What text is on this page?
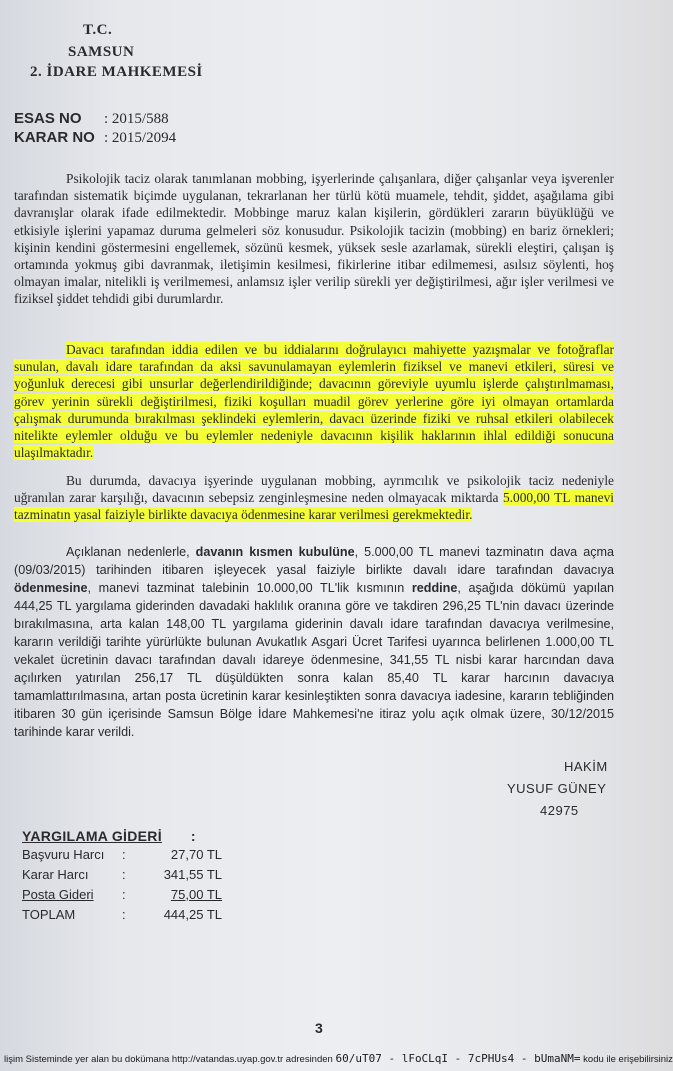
T.C.
SAMSUN
2. İDARE MAHKEMESİ
ESAS NO : 2015/588
KARAR NO : 2015/2094

Psikolojik taciz olarak tanımlanan mobbing, işyerlerinde çalışanlara, diğer çalışanlar veya işverenler tarafından sistematik biçimde uygulanan, tekrarlanan her türlü kötü muamele, tehdit, şiddet, aşağılama gibi davranışlar olarak ifade edilmektedir. Mobbinge maruz kalan kişilerin, gördükleri zararın büyüklüğü ve etkisiyle işlerini yapamaz duruma gelmeleri söz konusudur. Psikolojik tacizin (mobbing) en bariz örnekleri; kişinin kendini göstermesini engellemek, sözünü kesmek, yüksek sesle azarlamak, sürekli eleştiri, çalışan iş ortamında yokmuş gibi davranmak, iletişimin kesilmesi, fikirlerine itibar edilmemesi, asılsız söylenti, hoş olmayan imalar, nitelikli iş verilmemesi, anlamsız işler verilip sürekli yer değiştirilmesi, ağır işler verilmesi ve fiziksel şiddet tehdidi gibi durumlardır.

Davacı tarafından iddia edilen ve bu iddialarını doğrulayıcı mahiyette yazışmalar ve fotoğraflar sunulan, davalı idare tarafından da aksi savunulamayan eylemlerin fiziksel ve manevi etkileri, süresi ve yoğunluk derecesi gibi unsurlar değerlendirildiğinde; davacının göreviyle uyumlu işlerde çalıştırılmaması, görev yerinin sürekli değiştirilmesi, fiziki koşulları muadil görev yerlerine göre iyi olmayan ortamlarda çalışmak durumunda bırakılması şeklindeki eylemlerin, davacı üzerinde fiziki ve ruhsal etkileri olabilecek nitelikte eylemler olduğu ve bu eylemler nedeniyle davacının kişilik haklarının ihlal edildiği sonucuna ulaşılmaktadır.

Bu durumda, davacıya işyerinde uygulanan mobbing, ayrımcılık ve psikolojik taciz nedeniyle uğranılan zarar karşılığı, davacının sebepsiz zenginleşmesine neden olmayacak miktarda 5.000,00 TL manevi tazminatın yasal faiziyle birlikte davacıya ödenmesine karar verilmesi gerekmektedir.

Açıklanan nedenlerle, davanın kısmen kubulüne, 5.000,00 TL manevi tazminatın dava açma (09/03/2015) tarihinden itibaren işleyecek yasal faiziyle birlikte davalı idare tarafından davacıya ödenmesine, manevi tazminat talebinin 10.000,00 TL'lik kısmının reddine, aşağıda dökümü yapılan 444,25 TL yargılama giderinden davadaki haklılık oranına göre ve takdiren 296,25 TL'nin davacı üzerinde bırakılmasına, arta kalan 148,00 TL yargılama giderinin davalı idare tarafından davacıya verilmesine, kararın verildiği tarihte yürürlükte bulunan Avukatlık Asgari Ücret Tarifesi uyarınca belirlenen 1.000,00 TL vekalet ücretinin davacı tarafından davalı idareye ödenmesine, 341,55 TL nisbi karar harcından dava açılırken yatırılan 256,17 TL düşüldükten sonra kalan 85,40 TL karar harcının davacıya tamamlattırılmasına, artan posta ücretinin karar kesinleştikten sonra davacıya iadesine, kararın tebliğinden itibaren 30 gün içerisinde Samsun Bölge İdare Mahkemesi'ne itiraz yolu açık olmak üzere, 30/12/2015 tarihinde karar verildi.

HAKİM
YUSUF GÜNEY
42975
YARGILAMA GİDERİ :
Başvuru Harcı	:	27,70 TL
Karar Harcı	:	341,55 TL
Posta Gideri	:	75,00 TL
TOPLAM	:	444,25 TL
3
lişim Sisteminde yer alan bu dokümana http://vatandas.uyap.gov.tr adresinden 60/uT07 - lFoCLqI - 7cPHUs4 - bUmaNM= kodu ile erişebilirsiniz
